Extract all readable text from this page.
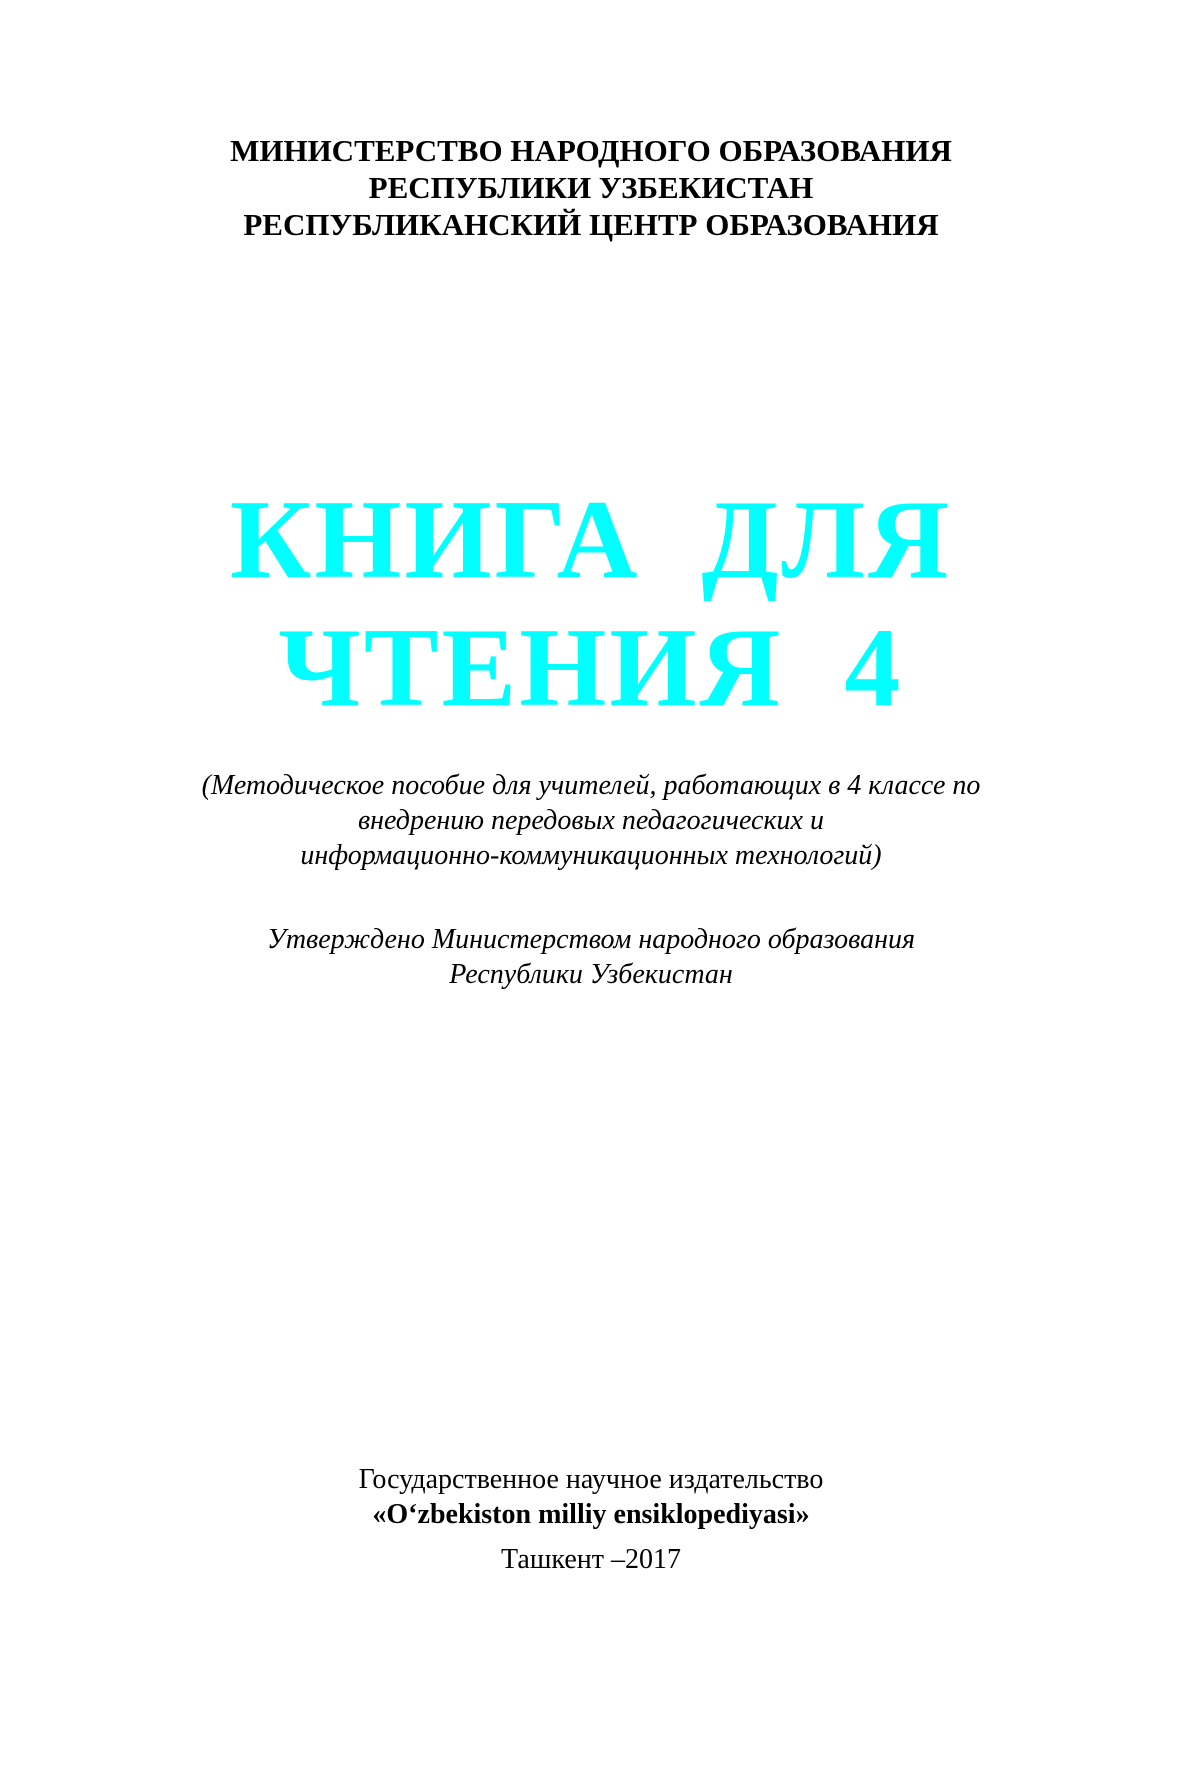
МИНИСТЕРСТВО НАРОДНОГО ОБРАЗОВАНИЯ
РЕСПУБЛИКИ УЗБЕКИСТАН
РЕСПУБЛИКАНСКИЙ ЦЕНТР ОБРАЗОВАНИЯ
КНИГА ДЛЯ
ЧТЕНИЯ 4
(Методическое пособие для учителей, работающих в 4 классе по
внедрению передовых педагогических и
информационно-коммуникационных технологий)
Утверждено Министерством народного образования
Республики Узбекистан
Государственное научное издательство
«O‘zbekiston milliy ensiklopediyasi»
Ташкент –2017
